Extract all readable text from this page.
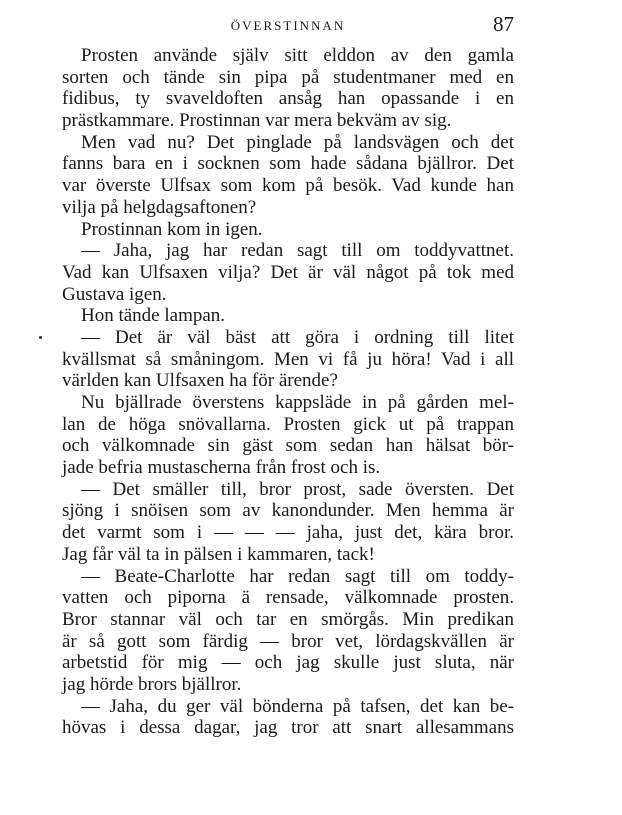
ÖVERSTINNAN	87
Prosten använde själv sitt elddon av den gamla
sorten och tände sin pipa på studentmaner med en
fidibus, ty svaveldoften ansåg han opassande i en
prästkammare. Prostinnan var mera bekväm av sig.
Men vad nu? Det pinglade på landsvägen och det
fanns bara en i socknen som hade sådana bjällror. Det
var överste Ulfsax som kom på besök. Vad kunde han
vilja på helgdagsaftonen?
Prostinnan kom in igen.
— Jaha, jag har redan sagt till om toddyvattnet.
Vad kan Ulfsaxen vilja? Det är väl något på tok med
Gustava igen.
Hon tände lampan.
— Det är väl bäst att göra i ordning till litet
kvällsmat så småningom. Men vi få ju höra! Vad i all
världen kan Ulfsaxen ha för ärende?
Nu bjällrade överstens kappsläde in på gården mel-
lan de höga snövallarna. Prosten gick ut på trappan
och välkomnade sin gäst som sedan han hälsat bör-
jade befria mustascherna från frost och is.
— Det smäller till, bror prost, sade översten. Det
sjöng i snöisen som av kanondunder. Men hemma är
det varmt som i — — — jaha, just det, kära bror.
Jag får väl ta in pälsen i kammaren, tack!
— Beate-Charlotte har redan sagt till om toddy-
vatten och piporna ä rensade, välkomnade prosten.
Bror stannar väl och tar en smörgås. Min predikan
är så gott som färdig — bror vet, lördagskvällen är
arbetstid för mig — och jag skulle just sluta, när
jag hörde brors bjällror.
— Jaha, du ger väl bönderna på tafsen, det kan be-
hövas i dessa dagar, jag tror att snart allesammans
